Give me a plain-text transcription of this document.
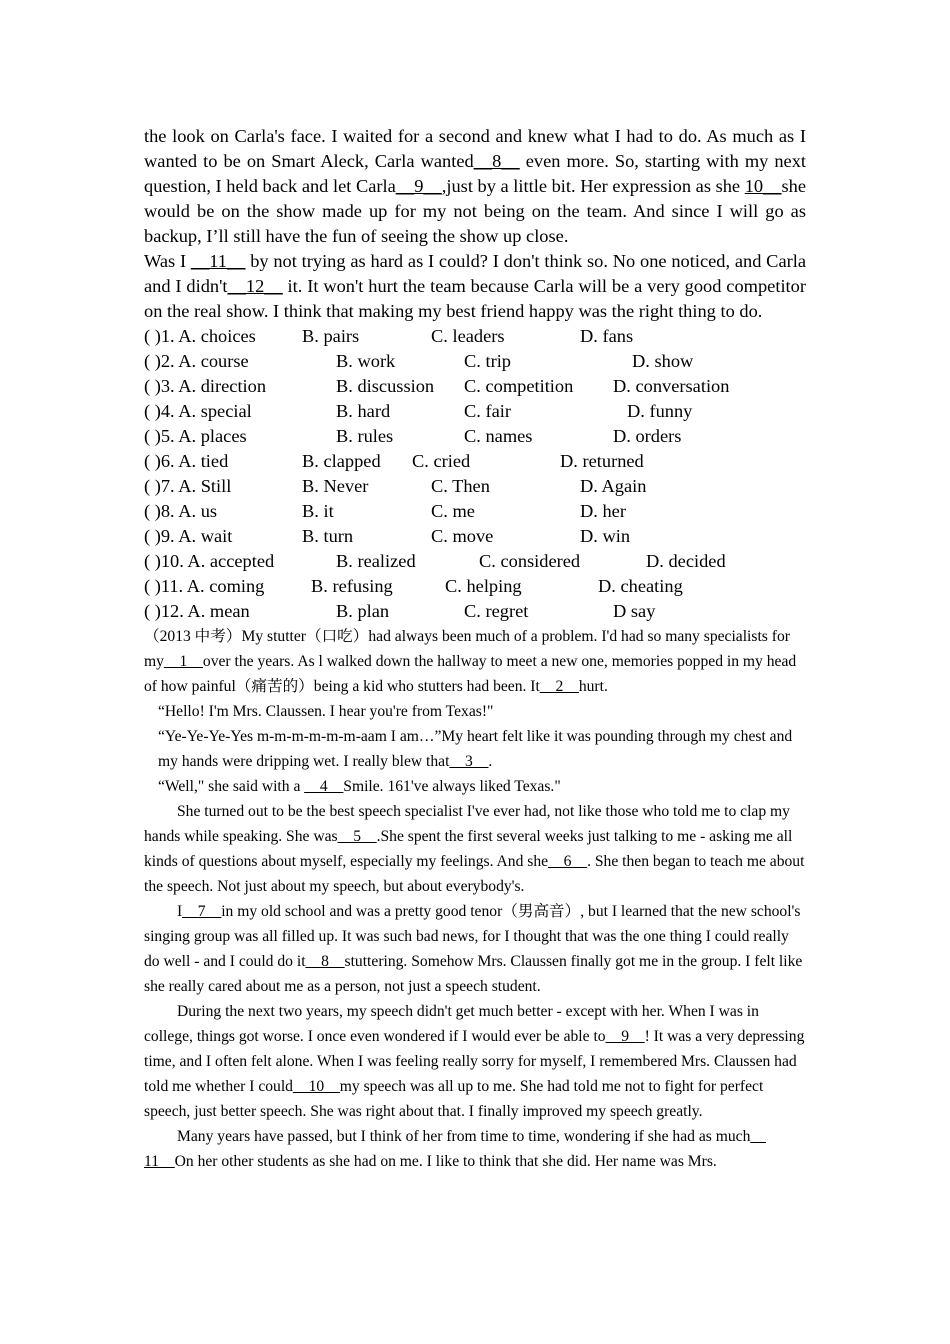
the look on Carla's face. I waited for a second and knew what I had to do. As much as I wanted to be on Smart Aleck, Carla wanted__8__ even more. So, starting with my next question, I held back and let Carla__9__,just by a little bit. Her expression as she 10__she would be on the show made up for my not being on the team. And since I will go as backup, I’ll still have the fun of seeing the show up close.

Was I __11__ by not trying as hard as I could? I don't think so. No one noticed, and Carla and I didn't__12__ it. It won't hurt the team because Carla will be a very good competitor on the real show. I think that making my best friend happy was the right thing to do.

( )1. A. choices	B. pairs	C. leaders	D. fans
( )2. A. course	B. work	C. trip	D. show
( )3. A. direction	B. discussion C. competition D. conversation
( )4. A. special	B. hard	C. fair	D. funny
( )5. A. places	B. rules	C. names	D. orders
( )6. A. tied	B. clapped C. cried	D. returned
( )7. A. Still	B. Never	C. Then	D. Again
( )8. A. us	B. it	C. me	D. her
( )9. A. wait	B. turn	C. move	D. win
( )10. A. accepted	B. realized	C. considered	D. decided
( )11. A. coming	B. refusing	C. helping	D. cheating
( )12. A. mean	B. plan	C. regret	D say

（2013 中考）My stutter（口吃）had always been much of a problem. I'd had so many specialists for my__1__over the years. As l walked down the hallway to meet a new one, memories popped in my head of how painful（痛苦的）being a kid who stutters had been. It__2__hurt.

“Hello! I'm Mrs. Claussen. I hear you're from Texas!"

“Ye-Ye-Ye-Yes m-m-m-m-m-m-aam I am…”My heart felt like it was pounding through my chest and my hands were dripping wet. I really blew that__3__.

“Well," she said with a __4__Smile. 161've always liked Texas."

She turned out to be the best speech specialist I've ever had, not like those who told me to clap my hands while speaking. She was__5__.She spent the first several weeks just talking to me - asking me all kinds of questions about myself, especially my feelings. And she__6__. She then began to teach me about the speech. Not just about my speech, but about everybody's.

I__7__in my old school and was a pretty good tenor（男高音）, but I learned that the new school's singing group was all filled up. It was such bad news, for I thought that was the one thing I could really do well - and I could do it__8__stuttering. Somehow Mrs. Claussen finally got me in the group. I felt like she really cared about me as a person, not just a speech student.

During the next two years, my speech didn't get much better - except with her. When I was in college, things got worse. I once even wondered if I would ever be able to__9__! It was a very depressing time, and I often felt alone. When I was feeling really sorry for myself, I remembered Mrs. Claussen had told me whether I could__10__my speech was all up to me. She had told me not to fight for perfect speech, just better speech. She was right about that. I finally improved my speech greatly.

Many years have passed, but I think of her from time to time, wondering if she had as much__ 11__On her other students as she had on me. I like to think that she did. Her name was Mrs.
